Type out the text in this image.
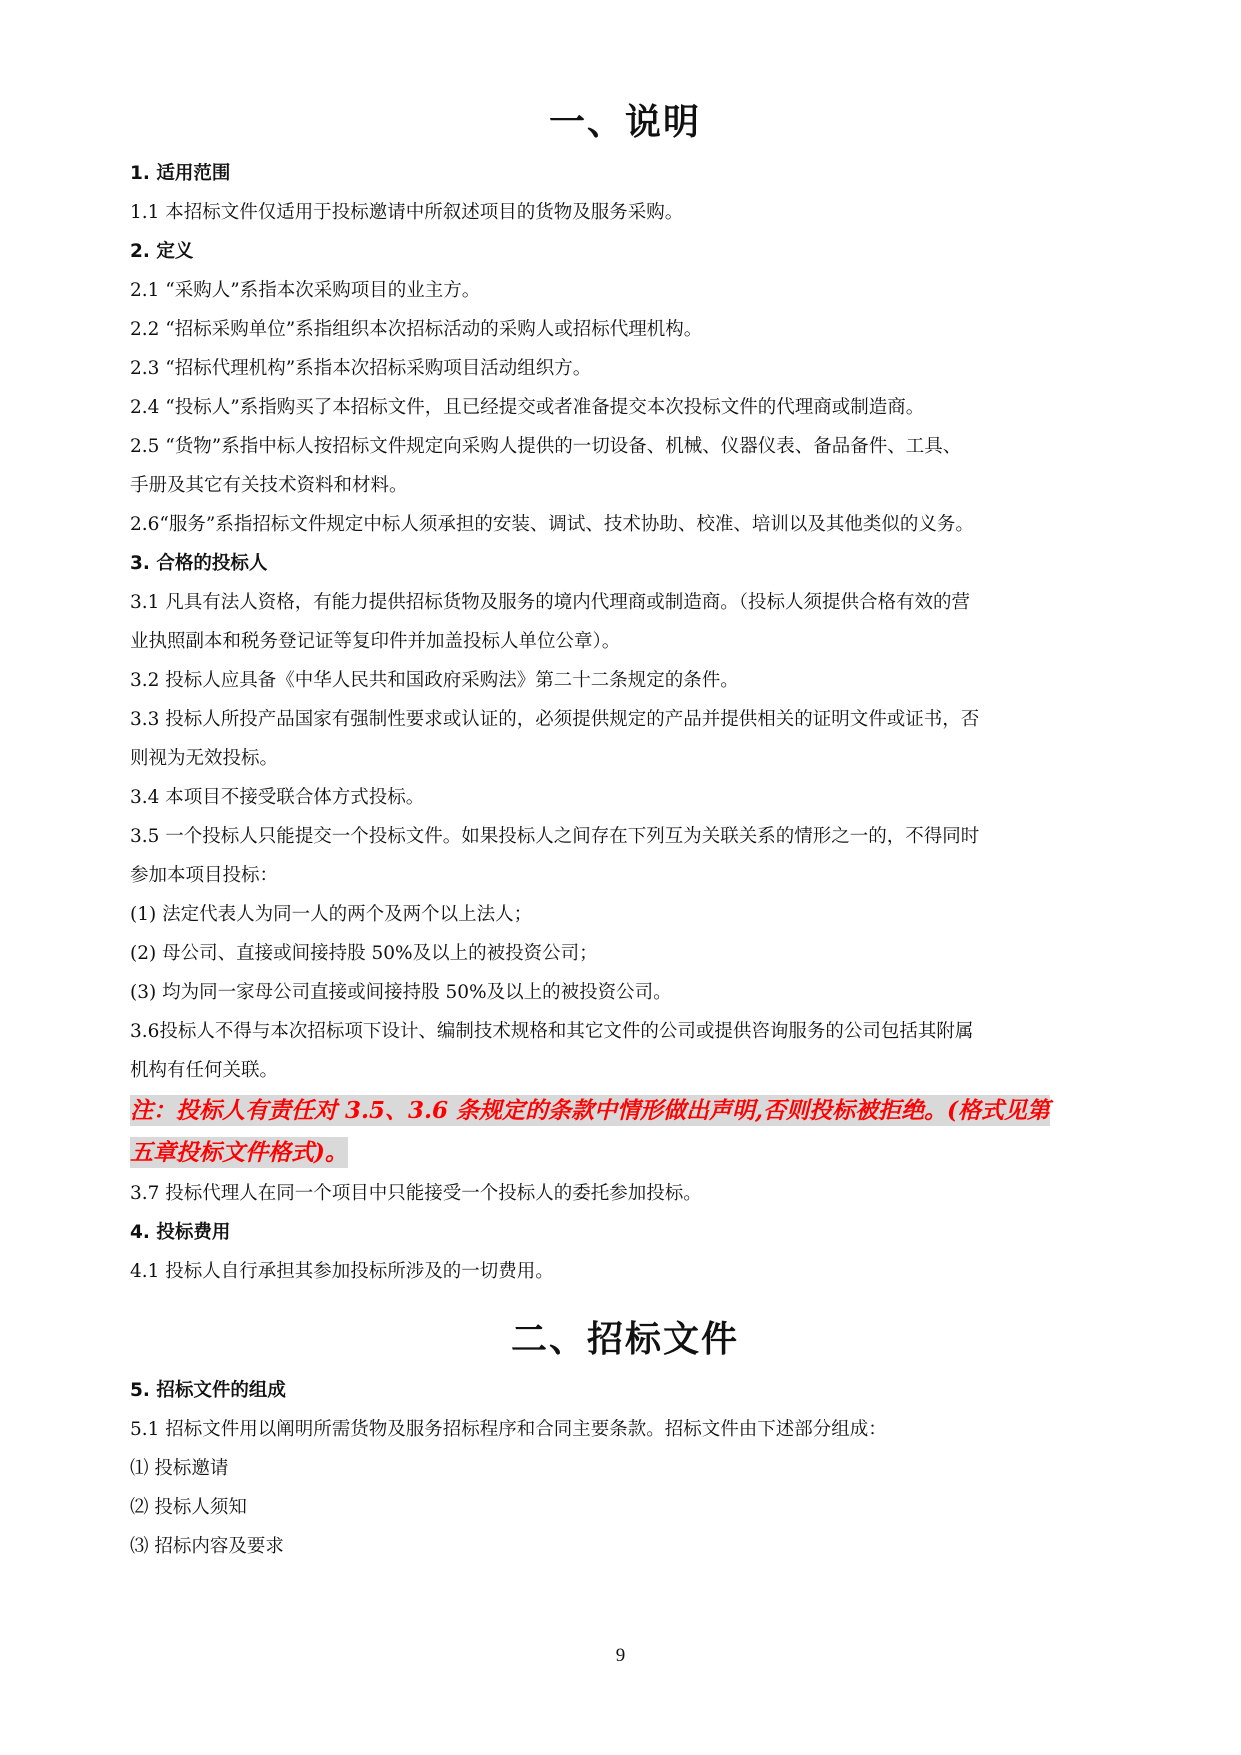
一、说明

1. 适用范围

1.1 本招标文件仅适用于投标邀请中所叙述项目的货物及服务采购。

2. 定义

2.1 “采购人”系指本次采购项目的业主方。

2.2 “招标采购单位”系指组织本次招标活动的采购人或招标代理机构。

2.3 “招标代理机构”系指本次招标采购项目活动组织方。

2.4 “投标人”系指购买了本招标文件，且已经提交或者准备提交本次投标文件的代理商或制造商。

2.5 “货物”系指中标人按招标文件规定向采购人提供的一切设备、机械、仪器仪表、备品备件、工具、

手册及其它有关技术资料和材料。

2.6“服务”系指招标文件规定中标人须承担的安装、调试、技术协助、校准、培训以及其他类似的义务。

3. 合格的投标人

3.1 凡具有法人资格，有能力提供招标货物及服务的境内代理商或制造商。（投标人须提供合格有效的营

业执照副本和税务登记证等复印件并加盖投标人单位公章）。

3.2 投标人应具备《中华人民共和国政府采购法》第二十二条规定的条件。

3.3 投标人所投产品国家有强制性要求或认证的，必须提供规定的产品并提供相关的证明文件或证书，否

则视为无效投标。

3.4 本项目不接受联合体方式投标。

3.5 一个投标人只能提交一个投标文件。如果投标人之间存在下列互为关联关系的情形之一的，不得同时

参加本项目投标：

(1) 法定代表人为同一人的两个及两个以上法人；

(2) 母公司、直接或间接持股 50%及以上的被投资公司；

(3) 均为同一家母公司直接或间接持股 50%及以上的被投资公司。

3.6投标人不得与本次招标项下设计、编制技术规格和其它文件的公司或提供咨询服务的公司包括其附属

机构有任何关联。

注：投标人有责任对 3.5、3.6 条规定的条款中情形做出声明,否则投标被拒绝。(格式见第

五章投标文件格式)。

3.7 投标代理人在同一个项目中只能接受一个投标人的委托参加投标。

4. 投标费用

4.1 投标人自行承担其参加投标所涉及的一切费用。

二、招标文件

5. 招标文件的组成

5.1 招标文件用以阐明所需货物及服务招标程序和合同主要条款。招标文件由下述部分组成：

⑴ 投标邀请

⑵ 投标人须知

⑶ 招标内容及要求

9
